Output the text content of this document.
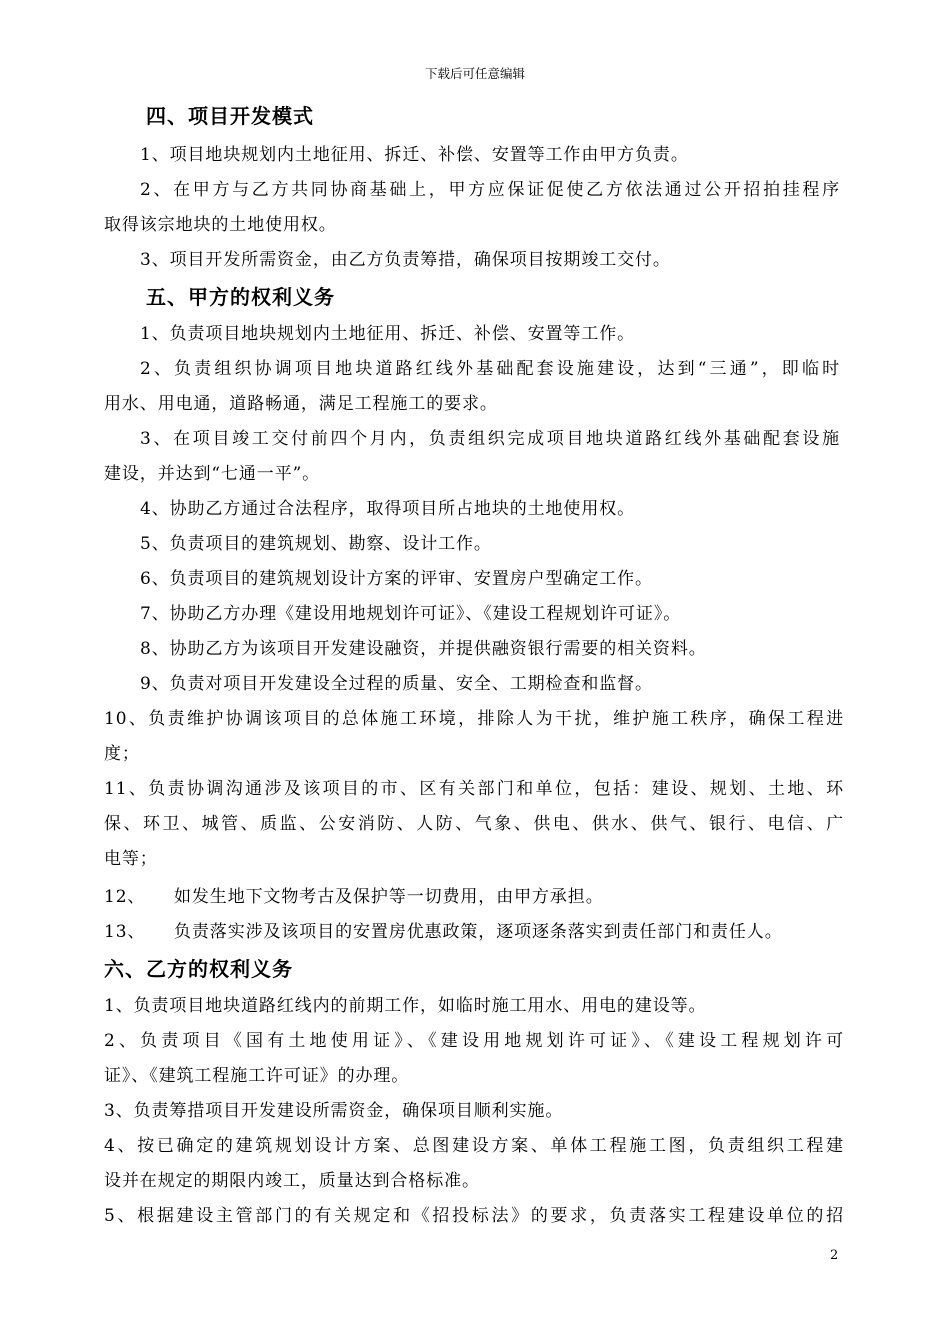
下载后可任意编辑
四、项目开发模式
1、项目地块规划内土地征用、拆迁、补偿、安置等工作由甲方负责。
2、在甲方与乙方共同协商基础上，甲方应保证促使乙方依法通过公开招拍挂程序
取得该宗地块的土地使用权。
3、项目开发所需资金，由乙方负责筹措，确保项目按期竣工交付。
五、甲方的权利义务
1、负责项目地块规划内土地征用、拆迁、补偿、安置等工作。
2、负责组织协调项目地块道路红线外基础配套设施建设，达到“三通”，即临时
用水、用电通，道路畅通，满足工程施工的要求。
3、在项目竣工交付前四个月内，负责组织完成项目地块道路红线外基础配套设施
建设，并达到“七通一平”。
4、协助乙方通过合法程序，取得项目所占地块的土地使用权。
5、负责项目的建筑规划、勘察、设计工作。
6、负责项目的建筑规划设计方案的评审、安置房户型确定工作。
7、协助乙方办理《建设用地规划许可证》、《建设工程规划许可证》。
8、协助乙方为该项目开发建设融资，并提供融资银行需要的相关资料。
9、负责对项目开发建设全过程的质量、安全、工期检查和监督。
10、负责维护协调该项目的总体施工环境，排除人为干扰，维护施工秩序，确保工程进
度；
11、负责协调沟通涉及该项目的市、区有关部门和单位，包括：建设、规划、土地、环
保、环卫、城管、质监、公安消防、人防、气象、供电、供水、供气、银行、电信、广
电等；
12、	如发生地下文物考古及保护等一切费用，由甲方承担。
13、	负责落实涉及该项目的安置房优惠政策，逐项逐条落实到责任部门和责任人。
六、乙方的权利义务
1、负责项目地块道路红线内的前期工作，如临时施工用水、用电的建设等。
2、负责项目《国有土地使用证》、《建设用地规划许可证》、《建设工程规划许可
证》、《建筑工程施工许可证》的办理。
3、负责筹措项目开发建设所需资金，确保项目顺利实施。
4、按已确定的建筑规划设计方案、总图建设方案、单体工程施工图，负责组织工程建
设并在规定的期限内竣工，质量达到合格标准。
5、根据建设主管部门的有关规定和《招投标法》的要求，负责落实工程建设单位的招
2
